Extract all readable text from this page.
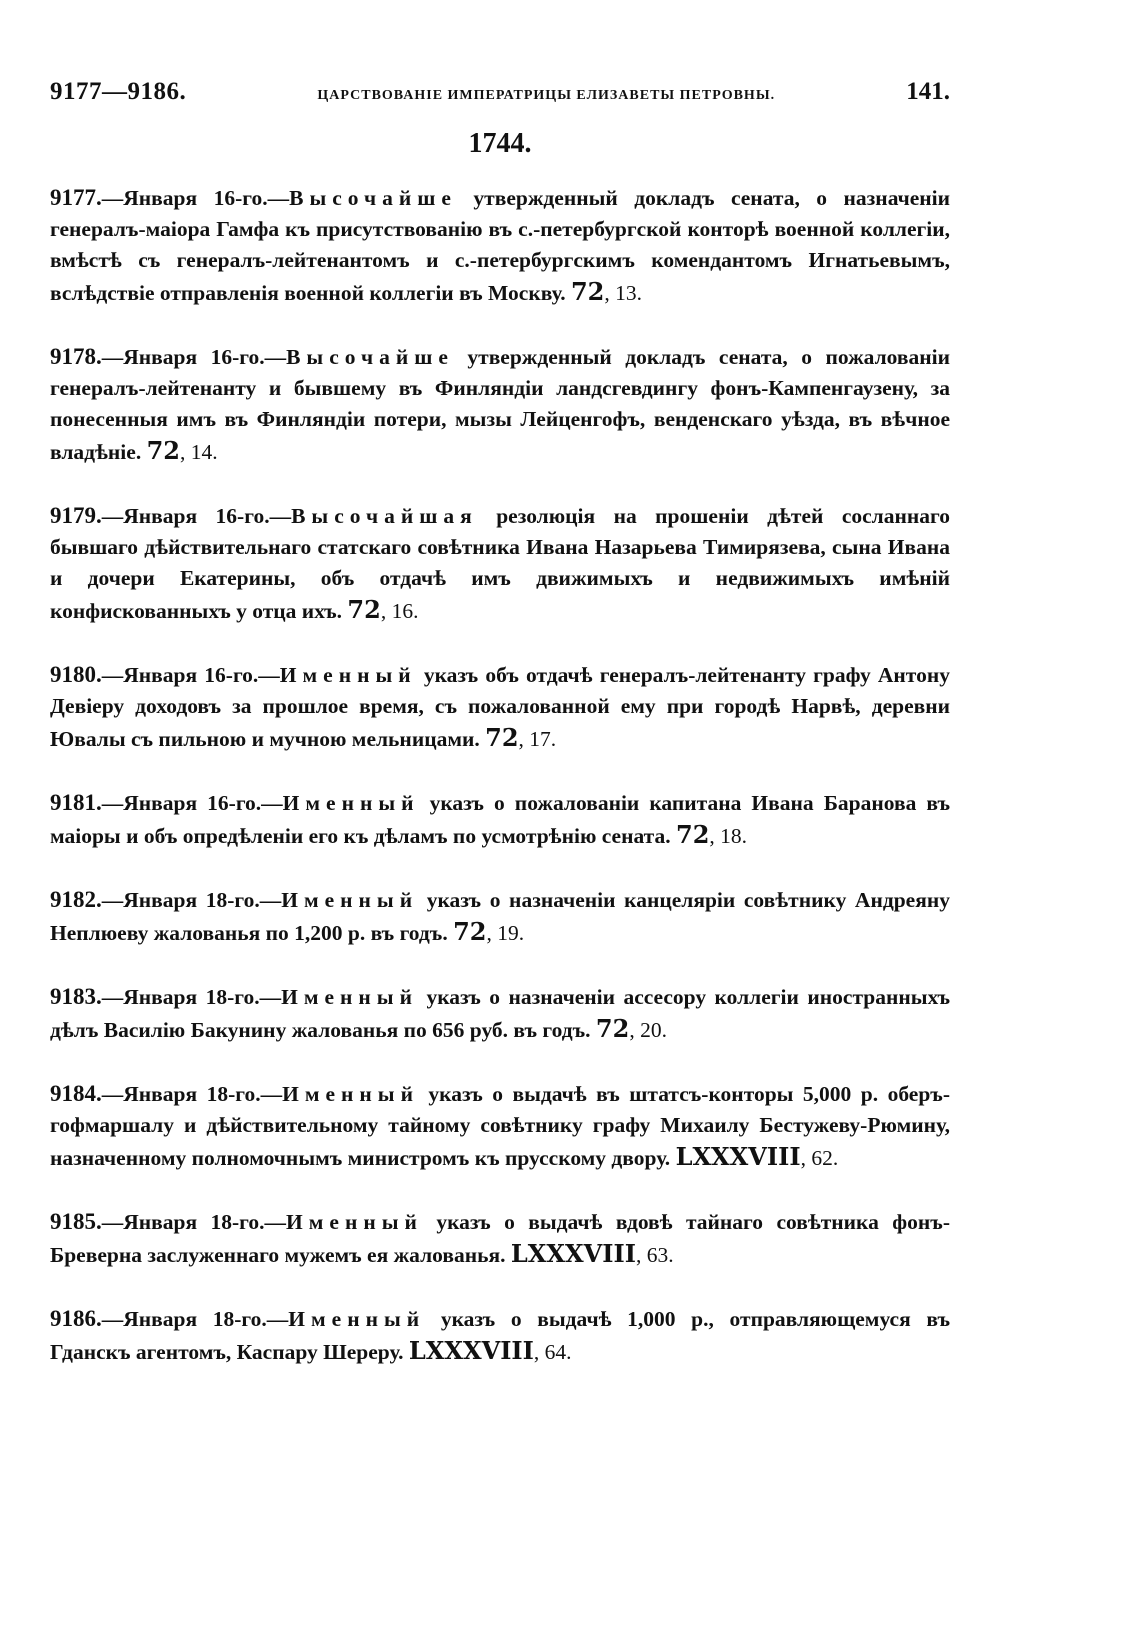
9177—9186.	ЦАРСТВОВАНІЕ ИМПЕРАТРИЦЫ ЕЛИЗАВЕТЫ ПЕТРОВНЫ.	141.
1744.

9177.—Января 16-го.—Высочайше утвержденный докладъ сената, о назначеніи генералъ-маіора Гамфа къ присутствованію въ с.-петербургской конторѣ военной коллегіи, вмѣстѣ съ генералъ-лейтенантомъ и с.-петербургскимъ комендантомъ Игнатьевымъ, вслѣдствіе отправленія военной коллегіи въ Москву. 72, 13.

9178.—Января 16-го.—Высочайше утвержденный докладъ сената, о пожалованіи генералъ-лейтенанту и бывшему въ Финляндіи ландсгевдингу фонъ-Кампенгаузену, за понесенныя имъ въ Финляндіи потери, мызы Лейценгофъ, венденскаго уѣзда, въ вѣчное владѣніе. 72, 14.

9179.—Января 16-го.—Высочайшая резолюція на прошеніи дѣтей сосланнаго бывшаго дѣйствительнаго статскаго совѣтника Ивана Назарьева Тимирязева, сына Ивана и дочери Екатерины, объ отдачѣ имъ движимыхъ и недвижимыхъ имѣній конфискованныхъ у отца ихъ. 72, 16.

9180.—Января 16-го.—Именный указъ объ отдачѣ генералъ-лейтенанту графу Антону Девіеру доходовъ за прошлое время, съ пожалованной ему при городѣ Нарвѣ, деревни Ювалы съ пильною и мучною мельницами. 72, 17.

9181.—Января 16-го.—Именный указъ о пожалованіи капитана Ивана Баранова въ маіоры и объ опредѣленіи его къ дѣламъ по усмотрѣнію сената. 72, 18.

9182.—Января 18-го.—Именный указъ о назначеніи канцеляріи совѣтнику Андреяну Неплюеву жалованья по 1,200 р. въ годъ. 72, 19.

9183.—Января 18-го.—Именный указъ о назначеніи ассесору коллегіи иностранныхъ дѣлъ Василію Бакунину жалованья по 656 руб. въ годъ. 72, 20.

9184.—Января 18-го.—Именный указъ о выдачѣ въ штатсъ-конторы 5,000 р. оберъ-гофмаршалу и дѣйствительному тайному совѣтнику графу Михаилу Бестужеву-Рюмину, назначенному полномочнымъ министромъ къ прусскому двору. LXXXVIII, 62.

9185.—Января 18-го.—Именный указъ о выдачѣ вдовѣ тайнаго совѣтника фонъ-Бреверна заслуженнаго мужемъ ея жалованья. LXXXVIII, 63.

9186.—Января 18-го.—Именный указъ о выдачѣ 1,000 р., отправляющемуся въ Гданскъ агентомъ, Каспару Шереру. LXXXVIII, 64.
